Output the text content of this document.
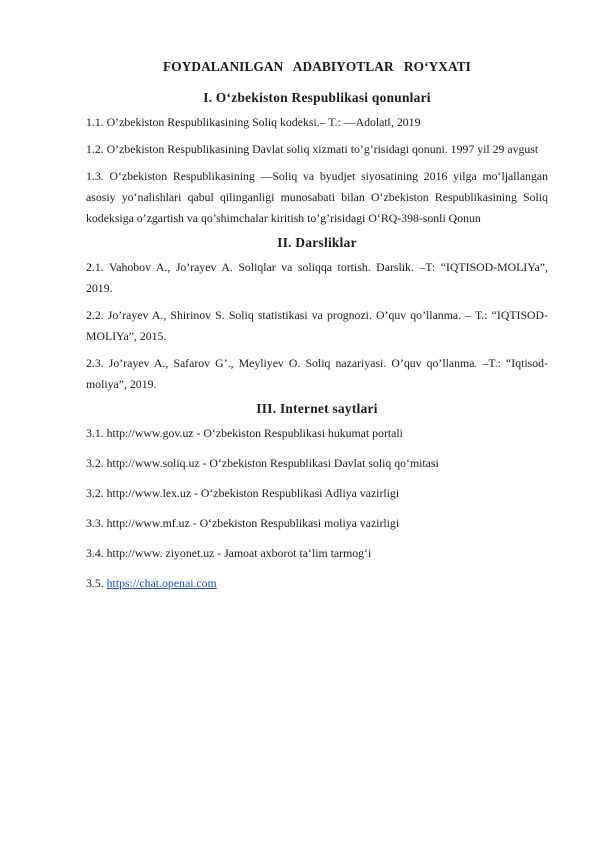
FOYDALANILGAN   ADABIYOTLAR   RO‘YXATI
I. O‘zbekiston Respublikasi qonunlari

1.1. O’zbekiston Respublikasining Soliq kodeksi.– T.: ―Adolat‖, 2019

1.2. O’zbekiston Respublikasining Davlat soliq xizmati to’g’risidagi qonuni. 1997 yil 29 avgust

1.3. O‘zbekiston Respublikasining ―Soliq va byudjet siyosatining 2016 yilga mo‘ljallangan asosiy yo‘nalishlari qabul qilinganligi munosabati bilan O‘zbekiston Respublikasining Soliq kodeksiga o’zgartish va qo’shimchalar kiritish to’g’risidagi O‘RQ-398-sonli Qonun

II. Darsliklar

2.1. Vahobov A., Jo’rayev A. Soliqlar va soliqqa tortish. Darslik. –T: “IQTISOD-MOLIYa”, 2019.

2.2. Jo’rayev A., Shirinov S. Soliq statistikasi va prognozi. O’quv qo’llanma. – T.: “IQTISOD-MOLIYa”, 2015.

2.3. Jo’rayev A., Safarov G’., Meyliyev O. Soliq nazariyasi. O’quv qo’llanma. –T.: “Iqtisod-moliya”, 2019.

III. Internet saytlari

3.1. http://www.gov.uz - O‘zbekiston Respublikasi hukumat portali

3.2. http://www.soliq.uz - O‘zbekiston Respublikasi Davlat soliq qo‘mitasi

3.2. http://www.lex.uz - O‘zbekiston Respublikasi Adliya vazirligi

3.3. http://www.mf.uz - O‘zbekiston Respublikasi moliya vazirligi

3.4. http://www. ziyonet.uz - Jamoat axborot ta‘lim tarmog‘i

3.5. https://chat.openai.com
